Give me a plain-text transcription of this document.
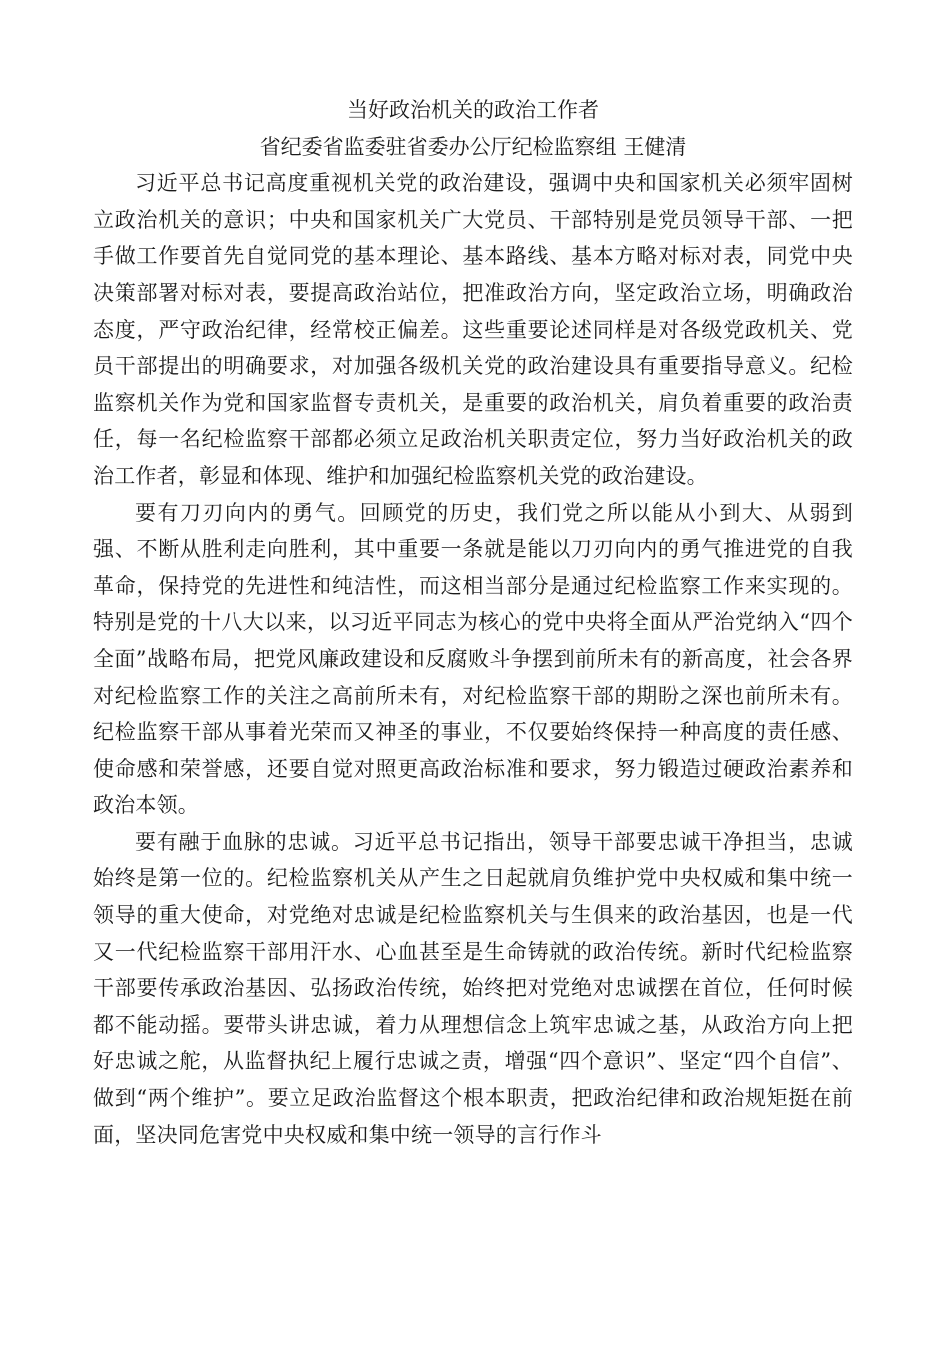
当好政治机关的政治工作者

省纪委省监委驻省委办公厅纪检监察组 王健清

习近平总书记高度重视机关党的政治建设，强调中央和国家机关必须牢固树立政治机关的意识；中央和国家机关广大党员、干部特别是党员领导干部、一把手做工作要首先自觉同党的基本理论、基本路线、基本方略对标对表，同党中央决策部署对标对表，要提高政治站位，把准政治方向，坚定政治立场，明确政治态度，严守政治纪律，经常校正偏差。这些重要论述同样是对各级党政机关、党员干部提出的明确要求，对加强各级机关党的政治建设具有重要指导意义。纪检监察机关作为党和国家监督专责机关，是重要的政治机关，肩负着重要的政治责任，每一名纪检监察干部都必须立足政治机关职责定位，努力当好政治机关的政治工作者，彰显和体现、维护和加强纪检监察机关党的政治建设。

要有刀刃向内的勇气。回顾党的历史，我们党之所以能从小到大、从弱到强、不断从胜利走向胜利，其中重要一条就是能以刀刃向内的勇气推进党的自我革命，保持党的先进性和纯洁性，而这相当部分是通过纪检监察工作来实现的。特别是党的十八大以来，以习近平同志为核心的党中央将全面从严治党纳入“四个全面”战略布局，把党风廉政建设和反腐败斗争摆到前所未有的新高度，社会各界对纪检监察工作的关注之高前所未有，对纪检监察干部的期盼之深也前所未有。纪检监察干部从事着光荣而又神圣的事业，不仅要始终保持一种高度的责任感、使命感和荣誉感，还要自觉对照更高政治标准和要求，努力锻造过硬政治素养和政治本领。

要有融于血脉的忠诚。习近平总书记指出，领导干部要忠诚干净担当，忠诚始终是第一位的。纪检监察机关从产生之日起就肩负维护党中央权威和集中统一领导的重大使命，对党绝对忠诚是纪检监察机关与生俱来的政治基因，也是一代又一代纪检监察干部用汗水、心血甚至是生命铸就的政治传统。新时代纪检监察干部要传承政治基因、弘扬政治传统，始终把对党绝对忠诚摆在首位，任何时候都不能动摇。要带头讲忠诚，着力从理想信念上筑牢忠诚之基，从政治方向上把好忠诚之舵，从监督执纪上履行忠诚之责，增强“四个意识”、坚定“四个自信”、做到“两个维护”。要立足政治监督这个根本职责，把政治纪律和政治规矩挺在前面，坚决同危害党中央权威和集中统一领导的言行作斗
